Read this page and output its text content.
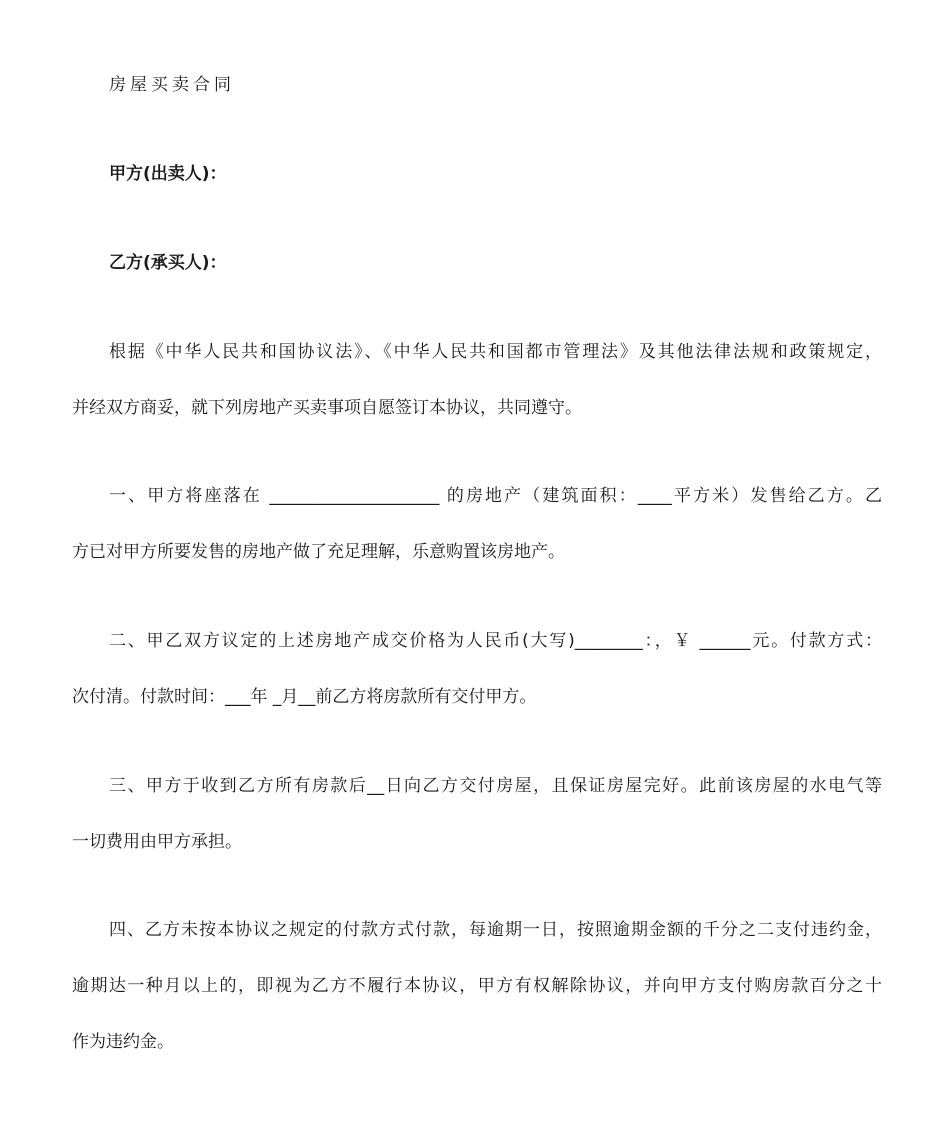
房屋买卖合同
甲方(出卖人)：
乙方(承买人)：
根据《中华人民共和国协议法》、《中华人民共和国都市管理法》及其他法律法规和政策规定，
并经双方商妥，就下列房地产买卖事项自愿签订本协议，共同遵守。
一、甲方将座落在 ____________________ 的房地产（建筑面积：____平方米）发售给乙方。乙
方已对甲方所要发售的房地产做了充足理解，乐意购置该房地产。
二、甲乙双方议定的上述房地产成交价格为人民币(大写)________：，￥ ______元。付款方式：
次付清。付款时间：___年 _月__前乙方将房款所有交付甲方。
三、甲方于收到乙方所有房款后__日向乙方交付房屋，且保证房屋完好。此前该房屋的水电气等
一切费用由甲方承担。
四、乙方未按本协议之规定的付款方式付款，每逾期一日，按照逾期金额的千分之二支付违约金，
逾期达一种月以上的，即视为乙方不履行本协议，甲方有权解除协议，并向甲方支付购房款百分之十
作为违约金。
